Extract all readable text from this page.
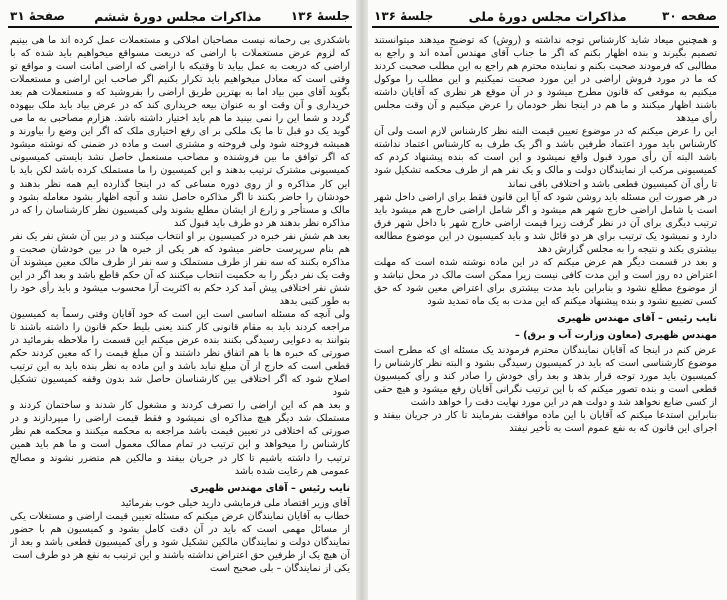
جلسهٔ ۱۳۶
مذاکرات مجلس دورهٔ ششم
صفحهٔ ۳۱

باشکدری بی رحمانه نیست مصاحبان املاکی و مستعملات عمل کرده اند ما هی بینیم که لزوم عرض مستعملات با اراضی که دریعت مسواقع میخواهیم باید شده که با اراضی که دریعت به عمل بیاید تا وقتیکه با اراضی که اراضی امانت است و مواقع تو وقتی است که معادل میخواهیم باید تکرار بکنیم اگر صاحب این اراضی و مستعملات بگوید آقای مین بیاد اما به بهترین طریق اراضی را بفروشید که و مستعملات هم بعد خریداری و آن وقت او به عنوان بیعه خریداری کند که در عرض بیاد باید ملک بیهوده گردد و شما این را نمی بینید ما هم باید اختیار داشته باشد. هزارم مصاحبی به ما می گوید یک دو قبل تا ما یک ملکی بر ای رفع اختیاری ملک که اگر این وضع را بیاورند و همیشه فروخته شود ولی فروخته و مشتری است و ماده در ضمنی که نوشته میشود که اگر توافق ما بین فروشنده و مصاحب مستعمل حاصل نشد بایستی کمیسیونی کمیسیونی مشترک ترتیب بدهند و این کمیسیون را ما مستملک کرده باشد لکن باید با این کار مذاکره و از روی دوره مساعی که در اینجا گذارده ایم همه نظر بدهند و خودشان را حاضر بکنند تا اگر مذاکره حاصل نشد و آنچه اظهار بشود معامله بشود و مالک و مستأجر و زارع از ایشان مطلع بشوند ولی کمیسیون نظر کارشناسان را که در مذاکره نظر بدهند هر دو طرف باید قبول کند

بعد هم شش نفر خبره در کمیسیون بر او انتخاب میکنند و در بین آن شش نفر یک نفر هم بنام سرپرست حاضر میشود که هر یکی از خبره ها در بین خودشان صحبت و مذاکره بکنند که سه نفر از طرف مستملک و سه نفر از طرف مالک معین میشوند آن وقت یک نفر دیگر را به حکمیت انتخاب میکنند که آن حکم قاطع باشد و بعد اگر در این شش نفر اختلافی پیش آمد کرد حکم به اکثریت آرا محسوب میشود و باید رأی خود را به طور کتبی بدهد

ولی آنچه که مسئله اساسی است این است که خود آقایان وقتی رسماً به کمیسیون مراجعه کردند باید به مقام قانونی کار کنند یعنی بلیط حکم قانون را داشته باشند تا بتوانند به دعوایی رسیدگی بکنند بنده عرض میکنم این قسمت را ملاحظه بفرمائید در صورتی که خبره ها با هم اتفاق نظر داشتند و آن مبلغ قیمت را که معین کردند حکم قطعی است که خارج از آن مبلغ نباید باشد و این ماده به نظر بنده باید به این ترتیب اصلاح شود که اگر اختلافی بین کارشناسان حاصل شد بدون وقفه کمیسیون تشکیل شود

و بعد هم که این اراضی را تصرف کردند و مشغول کار شدند و ساختمان کردند و مستملک شد دیگر هیچ مذاکره ای نمیشود و فقط قیمت اراضی را میپردازند و در صورتی که اختلافی در تعیین قیمت باشد مراجعه به محکمه میکنند و محکمه هم نظر کارشناس را میخواهد و این ترتیب در تمام ممالک معمول است و ما هم باید همین ترتیب را داشته باشیم تا کار در جریان بیفتد و مالکین هم متضرر نشوند و مصالح عمومی هم رعایت شده باشد

نایب رئیس – آقای مهندس ظهیری

آقای وزیر اقتصاد ملی فرمایشی دارید خیلی خوب بفرمائید

خطاب به آقایان نمایندگان عرض میکنم که مسئله تعیین قیمت اراضی و مستغلات یکی از مسائل مهمی است که باید در آن دقت کامل بشود و کمیسیون هم با حضور نمایندگان دولت و نمایندگان مالکین تشکیل شود و رأی کمیسیون قطعی باشد و بعد از آن هیچ یک از طرفین حق اعتراض نداشته باشند و این ترتیب به نفع هر دو طرف است

یکی از نمایندگان – بلی صحیح است

صفحه ۳۰
مذاکرات مجلس دورهٔ ملی
جلسهٔ ۱۳۶

و همچنین میعاد شاید کارشناس توجه نداشته و (روش) که توضیح میدهند میتوانستند تصمیم بگیرند و بنده اظهار بکنم که اگر ما جناب آقای مهندس آمده اند و راجع به مطالبی که فرمودند صحبت بکنم و نماینده محترم هم راجع به این مطلب صحبت کردند که ما در مورد فروش اراضی در این مورد صحبت نمیکنیم و این مطلب را موکول میکنیم به موقعی که قانون مطرح میشود و در آن موقع هر نظری که آقایان داشته باشند اظهار میکنند و ما هم در اینجا نظر خودمان را عرض میکنیم و آن وقت مجلس رأی میدهد

این را عرض میکنم که در موضوع تعیین قیمت البته نظر کارشناس لازم است ولی آن کارشناس باید مورد اعتماد طرفین باشد و اگر یک طرف به کارشناس اعتماد نداشته باشد البته آن رأی مورد قبول واقع نمیشود و این است که بنده پیشنهاد کردم که کمیسیونی مرکب از نمایندگان دولت و مالک و یک نفر هم از طرف محکمه تشکیل شود تا رأی آن کمیسیون قطعی باشد و اختلافی باقی نماند

در هر صورت این مسئله باید روشن شود که آیا این قانون فقط برای اراضی داخل شهر است یا شامل اراضی خارج شهر هم میشود و اگر شامل اراضی خارج هم میشود باید ترتیب دیگری برای آن در نظر گرفت زیرا قیمت اراضی خارج شهر با داخل شهر فرق دارد و نمیشود یک ترتیب برای هر دو قائل شد و باید کمیسیون در این موضوع مطالعه بیشتری بکند و نتیجه را به مجلس گزارش دهد

و بعد در قسمت دیگر هم عرض میکنم که در این ماده نوشته شده است که مهلت اعتراض ده روز است و این مدت کافی نیست زیرا ممکن است مالک در محل نباشد و از موضوع مطلع نشود و بنابراین باید مدت بیشتری برای اعتراض معین شود که حق کسی تضییع نشود و بنده پیشنهاد میکنم که این مدت به یک ماه تمدید شود

نایب رئیس – آقای مهندس ظهیری

مهندس ظهیری (معاون وزارت آب و برق) –

عرض کنم در اینجا که آقایان نمایندگان محترم فرمودند یک مسئله ای که مطرح است موضوع کارشناسی است که باید در کمیسیون رسیدگی بشود و البته نظر کارشناس را کمیسیون باید مورد توجه قرار بدهد و بعد رأی خودش را صادر کند و رأی کمیسیون قطعی است و بنده تصور میکنم که با این ترتیب نگرانی آقایان رفع میشود و هیچ حقی از کسی ضایع نخواهد شد و دولت هم در این مورد نهایت دقت را خواهد داشت

بنابراین استدعا میکنم که آقایان با این ماده موافقت بفرمایند تا کار در جریان بیفتد و اجرای این قانون که به نفع عموم است به تأخیر نیفتد
